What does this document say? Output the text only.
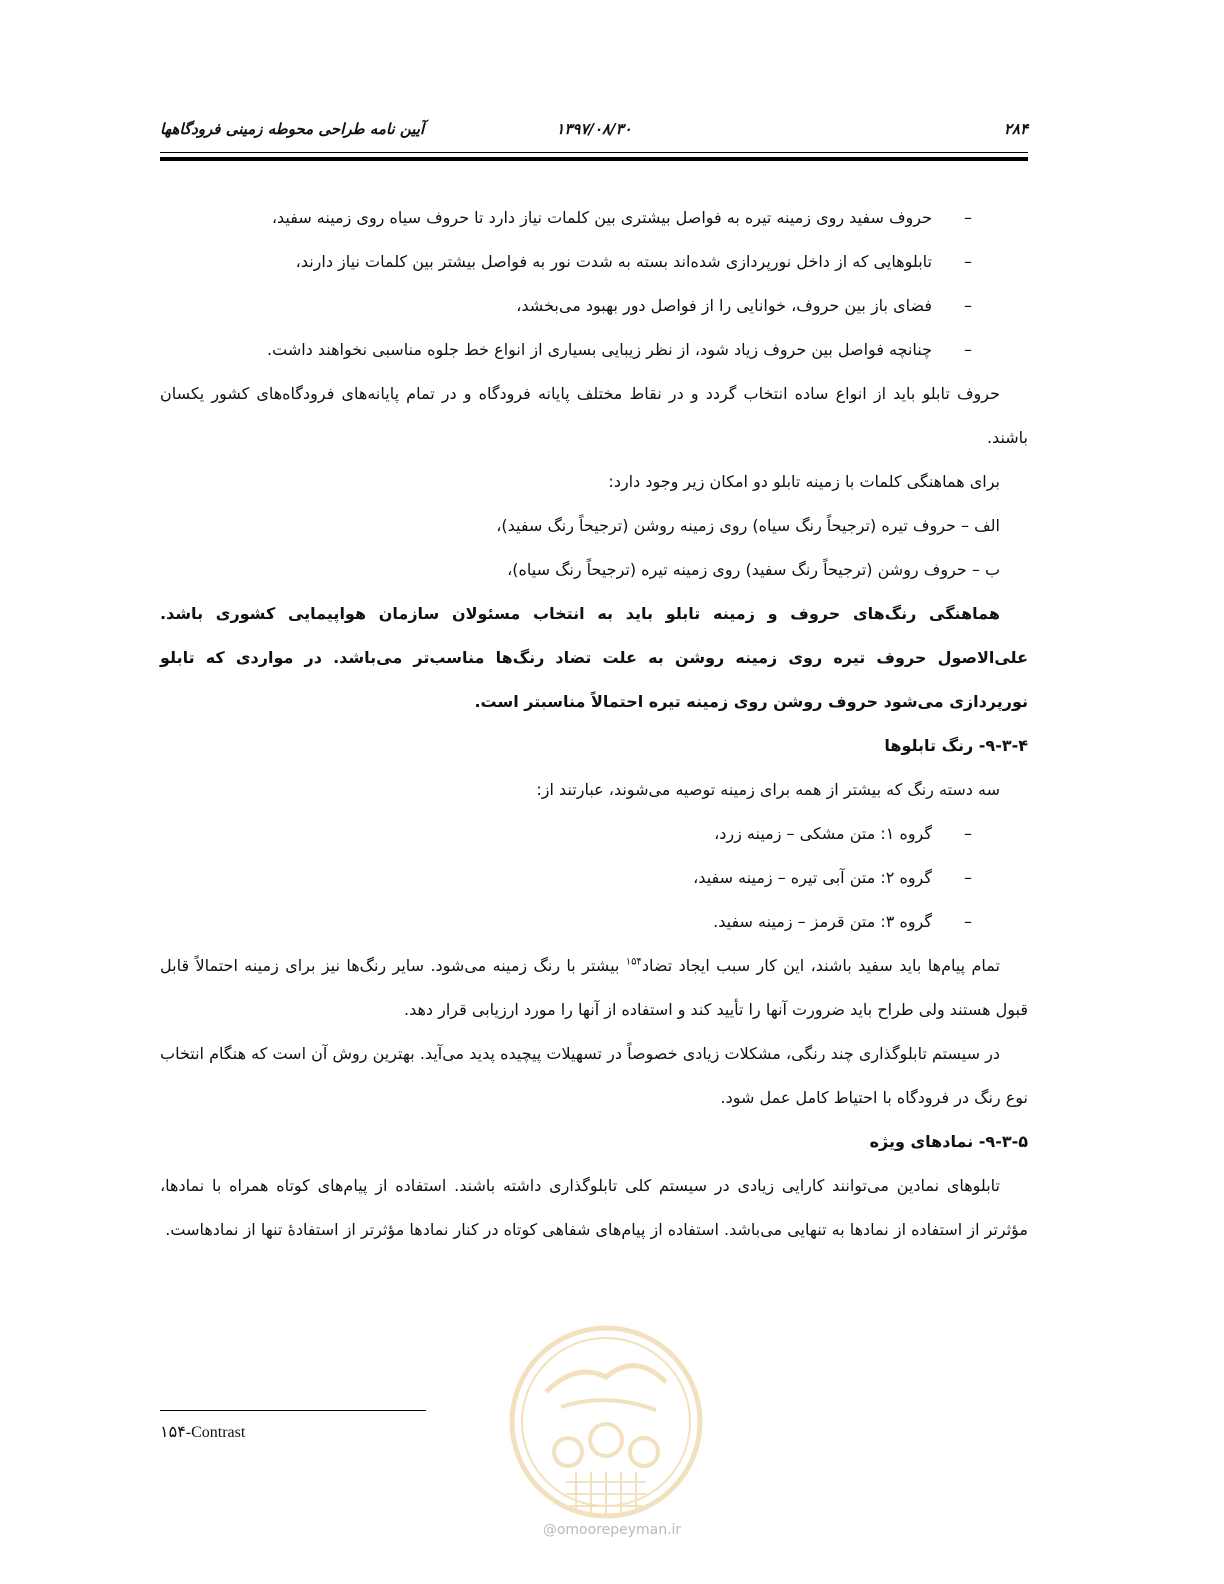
۲۸۴
۱۳۹۷/۰۸/۳۰
آیین نامه طراحی محوطه زمینی فرودگاهها
–
حروف سفید روی زمینه تیره به فواصل بیشتری بین کلمات نیاز دارد تا حروف سیاه روی زمینه سفید،
–
تابلوهایی که از داخل نورپردازی شده‌اند بسته به شدت نور به فواصل بیشتر بین کلمات نیاز دارند،
–
فضای باز بین حروف، خوانایی را از فواصل دور بهبود می‌بخشد،
–
چنانچه فواصل بین حروف زیاد شود، از نظر زیبایی بسیاری از انواع خط جلوه مناسبی نخواهند داشت.

حروف تابلو باید از انواع ساده انتخاب گردد و در نقاط مختلف پایانه فرودگاه و در تمام پایانه‌های فرودگاه‌های کشور یکسان باشند.

برای هماهنگی کلمات با زمینه تابلو دو امکان زیر وجود دارد:

الف – حروف تیره (ترجیحاً رنگ سیاه) روی زمینه روشن (ترجیحاً رنگ سفید)،

ب – حروف روشن (ترجیحاً رنگ سفید) روی زمینه تیره (ترجیحاً رنگ سیاه)،

هماهنگی رنگ‌های حروف و زمینه تابلو باید به انتخاب مسئولان سازمان هواپیمایی کشوری باشد. علی‌الاصول حروف تیره روی زمینه روشن به علت تضاد رنگ‌ها مناسب‌تر می‌باشد. در مواردی که تابلو نورپردازی می‌شود حروف روشن روی زمینه تیره احتمالاً مناسبتر است.

۹-۳-۴- رنگ تابلوها

سه دسته رنگ که بیشتر از همه برای زمینه توصیه می‌شوند، عبارتند از:

–
گروه ۱: متن مشکی – زمینه زرد،
–
گروه ۲: متن آبی تیره – زمینه سفید،
–
گروه ۳: متن قرمز – زمینه سفید.

تمام پیام‌ها باید سفید باشند، این کار سبب ایجاد تضاد$^{۱۵۴}$ بیشتر با رنگ زمینه می‌شود. سایر رنگ‌ها نیز برای زمینه احتمالاً قابل قبول هستند ولی طراح باید ضرورت آنها را تأیید کند و استفاده از آنها را مورد ارزیابی قرار دهد.

در سیستم تابلوگذاری چند رنگی، مشکلات زیادی خصوصاً در تسهیلات پیچیده پدید می‌آید. بهترین روش آن است که هنگام انتخاب نوع رنگ در فرودگاه با احتیاط کامل عمل شود.

۹-۳-۵- نمادهای ویژه

تابلوهای نمادین می‌توانند کارایی زیادی در سیستم کلی تابلوگذاری داشته باشند. استفاده از پیام‌های کوتاه همراه با نمادها، مؤثرتر از استفاده از نمادها به تنهایی می‌باشد. استفاده از پیام‌های شفاهی کوتاه در کنار نمادها مؤثرتر از استفادهٔ تنها از نمادهاست.

۱۵۴-Contrast
@omoorepeyman.ir
